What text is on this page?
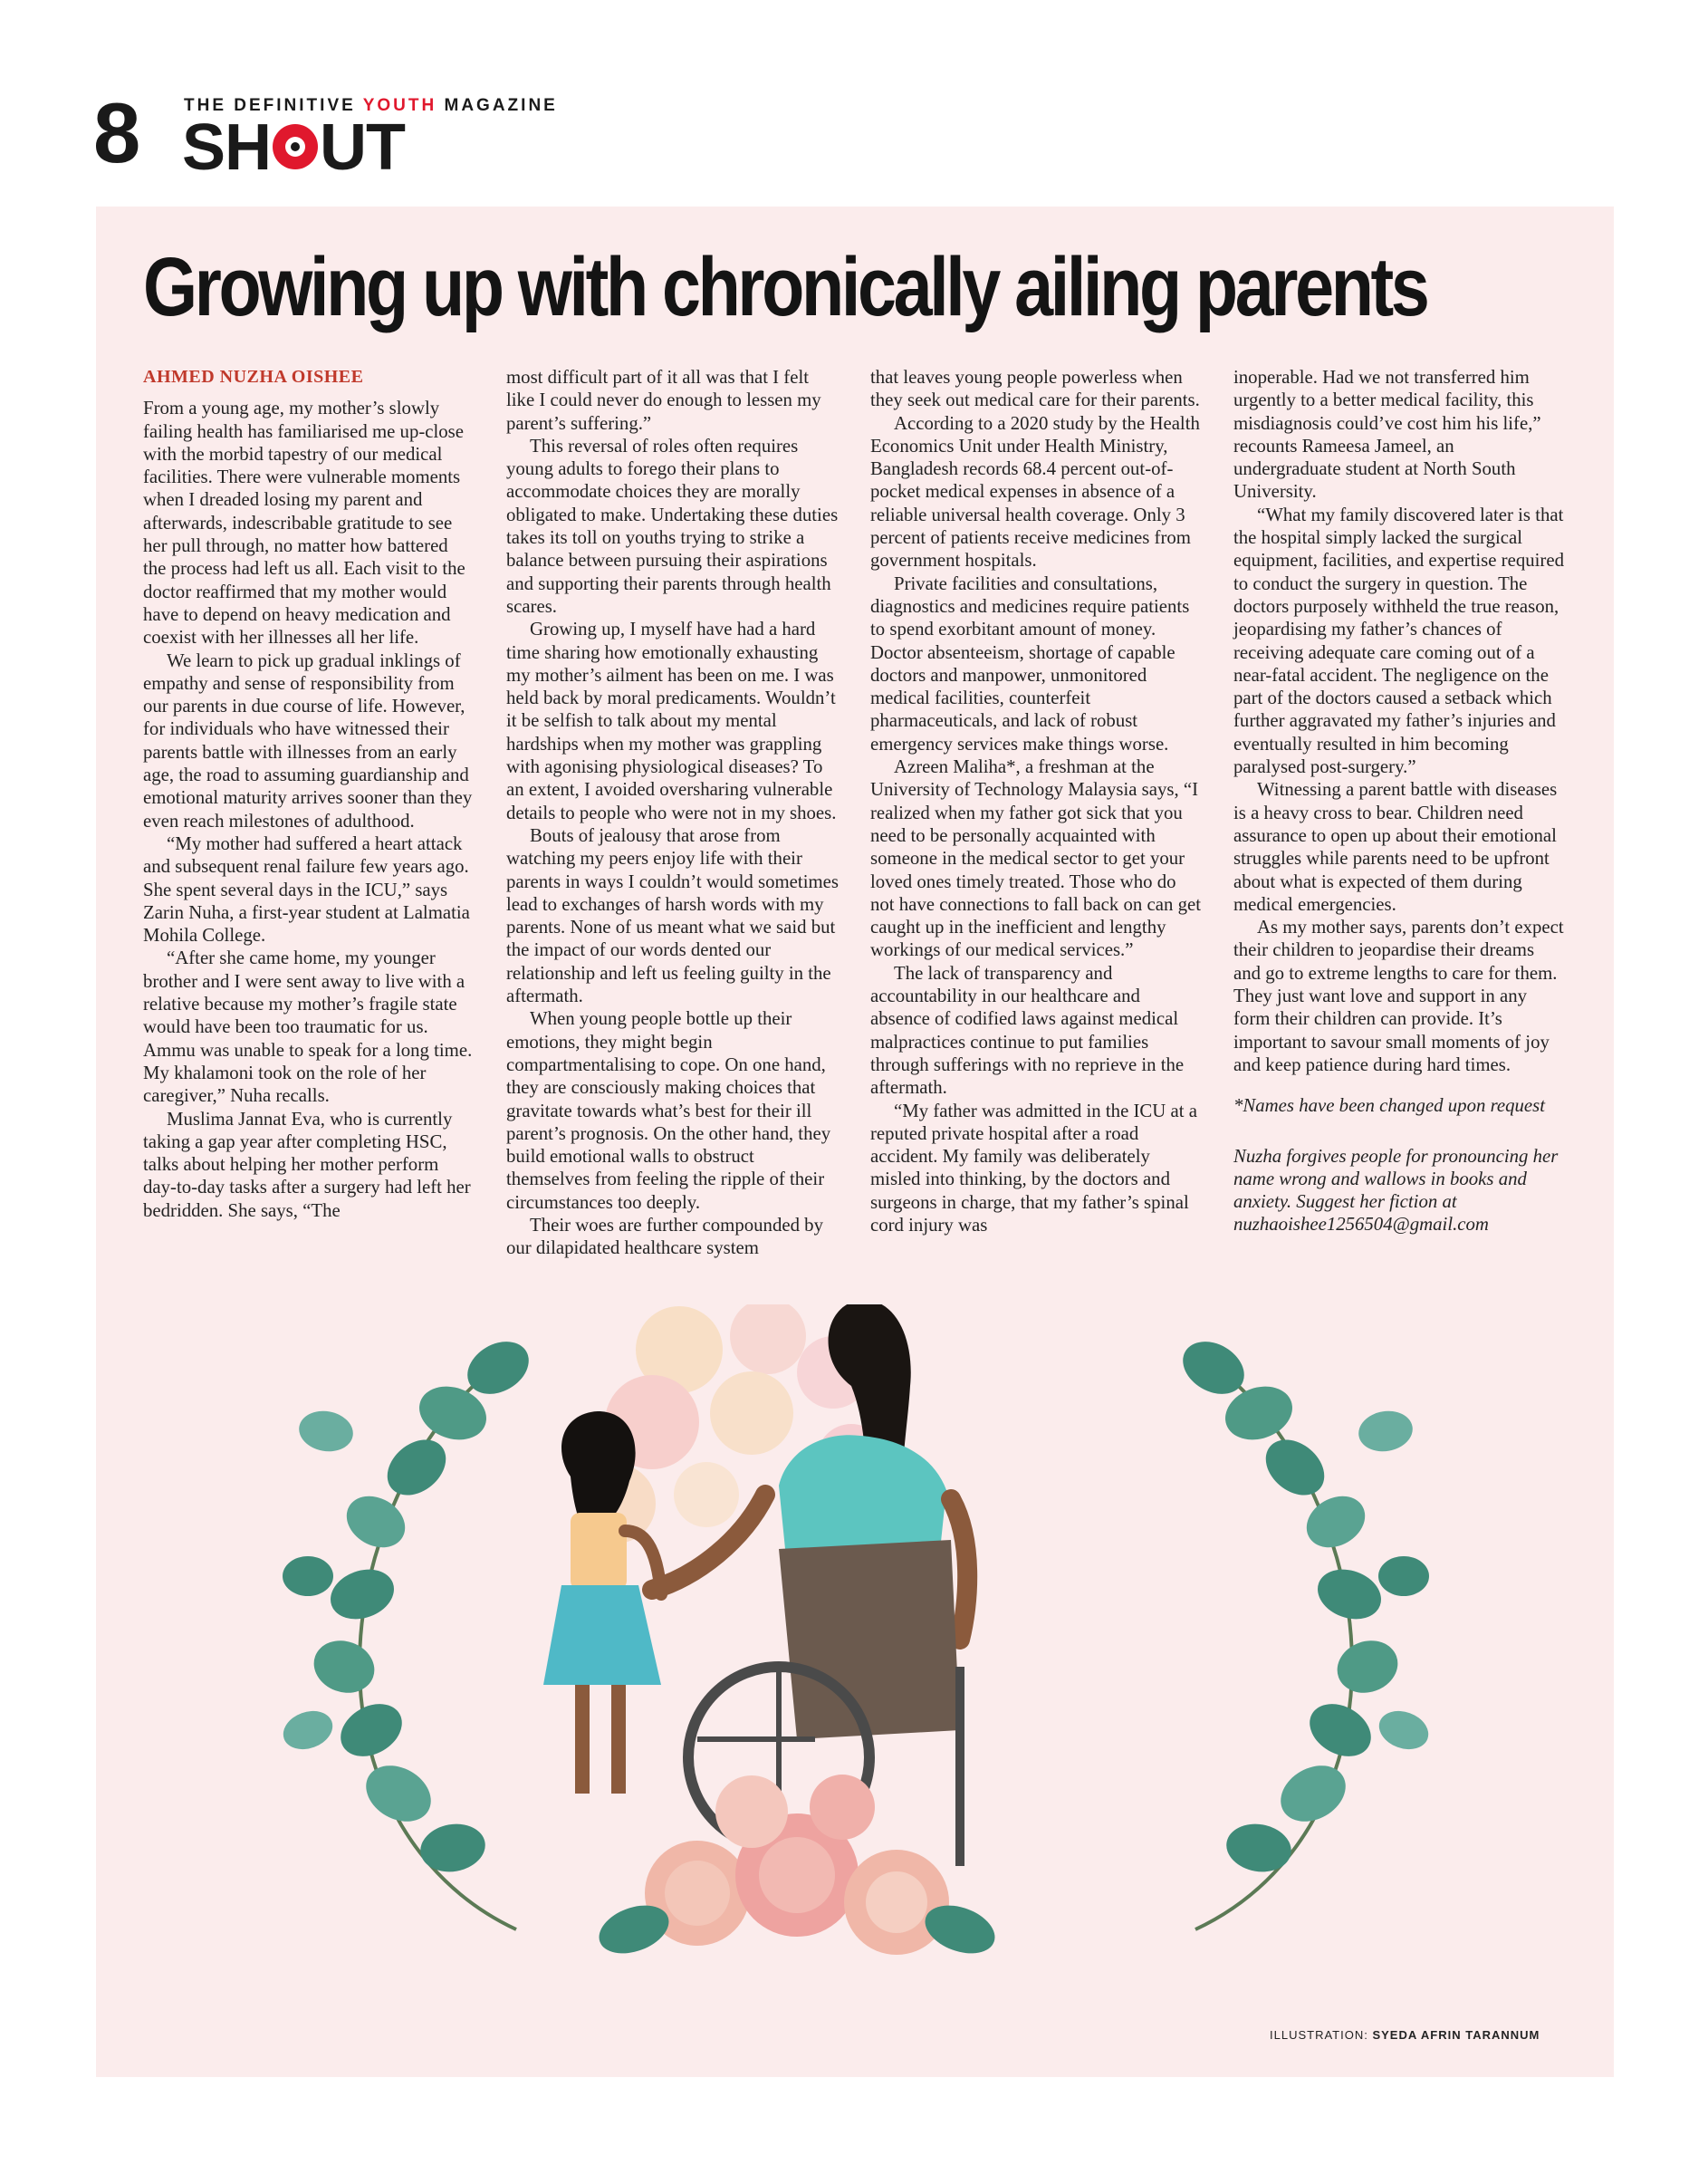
8	THE DEFINITIVE YOUTH MAGAZINE
SH UT
Growing up with chronically ailing parents
AHMED NUZHA OISHEE

From a young age, my mother’s slowly failing health has familiarised me up-close with the morbid tapestry of our medical facilities. There were vulnerable moments when I dreaded losing my parent and afterwards, indescribable gratitude to see her pull through, no matter how battered the process had left us all. Each visit to the doctor reaffirmed that my mother would have to depend on heavy medication and coexist with her illnesses all her life.

We learn to pick up gradual inklings of empathy and sense of responsibility from our parents in due course of life. However, for individuals who have witnessed their parents battle with illnesses from an early age, the road to assuming guardianship and emotional maturity arrives sooner than they even reach milestones of adulthood.

“My mother had suffered a heart attack and subsequent renal failure few years ago. She spent several days in the ICU,” says Zarin Nuha, a first-year student at Lalmatia Mohila College.

“After she came home, my younger brother and I were sent away to live with a relative because my mother’s fragile state would have been too traumatic for us. Ammu was unable to speak for a long time. My khalamoni took on the role of her caregiver,” Nuha recalls.

Muslima Jannat Eva, who is currently taking a gap year after completing HSC, talks about helping her mother perform day-to-day tasks after a surgery had left her bedridden. She says, “The

most difficult part of it all was that I felt like I could never do enough to lessen my parent’s suffering.”

This reversal of roles often requires young adults to forego their plans to accommodate choices they are morally obligated to make. Undertaking these duties takes its toll on youths trying to strike a balance between pursuing their aspirations and supporting their parents through health scares.

Growing up, I myself have had a hard time sharing how emotionally exhausting my mother’s ailment has been on me. I was held back by moral predicaments. Wouldn’t it be selfish to talk about my mental hardships when my mother was grappling with agonising physiological diseases? To an extent, I avoided oversharing vulnerable details to people who were not in my shoes.

Bouts of jealousy that arose from watching my peers enjoy life with their parents in ways I couldn’t would sometimes lead to exchanges of harsh words with my parents. None of us meant what we said but the impact of our words dented our relationship and left us feeling guilty in the aftermath.

When young people bottle up their emotions, they might begin compartmentalising to cope. On one hand, they are consciously making choices that gravitate towards what’s best for their ill parent’s prognosis. On the other hand, they build emotional walls to obstruct themselves from feeling the ripple of their circumstances too deeply.

Their woes are further compounded by our dilapidated healthcare system

that leaves young people powerless when they seek out medical care for their parents.

According to a 2020 study by the Health Economics Unit under Health Ministry, Bangladesh records 68.4 percent out-of-pocket medical expenses in absence of a reliable universal health coverage. Only 3 percent of patients receive medicines from government hospitals.

Private facilities and consultations, diagnostics and medicines require patients to spend exorbitant amount of money. Doctor absenteeism, shortage of capable doctors and manpower, unmonitored medical facilities, counterfeit pharmaceuticals, and lack of robust emergency services make things worse.

Azreen Maliha*, a freshman at the University of Technology Malaysia says, “I realized when my father got sick that you need to be personally acquainted with someone in the medical sector to get your loved ones timely treated. Those who do not have connections to fall back on can get caught up in the inefficient and lengthy workings of our medical services.”

The lack of transparency and accountability in our healthcare and absence of codified laws against medical malpractices continue to put families through sufferings with no reprieve in the aftermath.

“My father was admitted in the ICU at a reputed private hospital after a road accident. My family was deliberately misled into thinking, by the doctors and surgeons in charge, that my father’s spinal cord injury was

inoperable. Had we not transferred him urgently to a better medical facility, this misdiagnosis could’ve cost him his life,” recounts Rameesa Jameel, an undergraduate student at North South University.

“What my family discovered later is that the hospital simply lacked the surgical equipment, facilities, and expertise required to conduct the surgery in question. The doctors purposely withheld the true reason, jeopardising my father’s chances of receiving adequate care coming out of a near-fatal accident. The negligence on the part of the doctors caused a setback which further aggravated my father’s injuries and eventually resulted in him becoming paralysed post-surgery.”

Witnessing a parent battle with diseases is a heavy cross to bear. Children need assurance to open up about their emotional struggles while parents need to be upfront about what is expected of them during medical emergencies.

As my mother says, parents don’t expect their children to jeopardise their dreams and go to extreme lengths to care for them. They just want love and support in any form their children can provide. It’s important to savour small moments of joy and keep patience during hard times.

*Names have been changed upon request

Nuzha forgives people for pronouncing her name wrong and wallows in books and anxiety. Suggest her fiction at nuzhaoishee1256504@gmail.com

ILLUSTRATION: SYEDA AFRIN TARANNUM
